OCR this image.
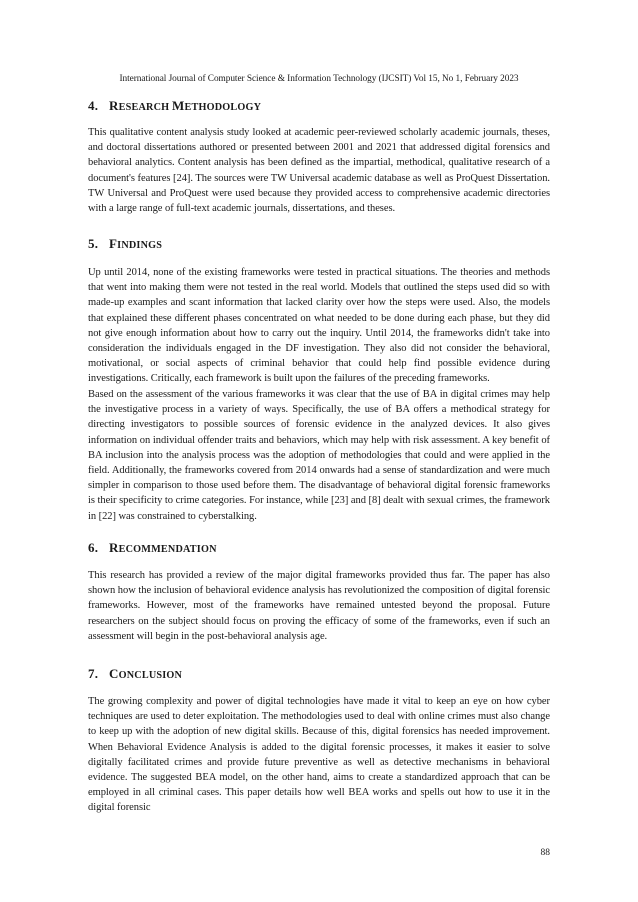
International Journal of Computer Science & Information Technology (IJCSIT) Vol 15, No 1, February 2023
4. RESEARCH METHODOLOGY

This qualitative content analysis study looked at academic peer-reviewed scholarly academic journals, theses, and doctoral dissertations authored or presented between 2001 and 2021 that addressed digital forensics and behavioral analytics. Content analysis has been defined as the impartial, methodical, qualitative research of a document's features [24]. The sources were TW Universal academic database as well as ProQuest Dissertation. TW Universal and ProQuest were used because they provided access to comprehensive academic directories with a large range of full-text academic journals, dissertations, and theses.

5. FINDINGS

Up until 2014, none of the existing frameworks were tested in practical situations. The theories and methods that went into making them were not tested in the real world. Models that outlined the steps used did so with made-up examples and scant information that lacked clarity over how the steps were used. Also, the models that explained these different phases concentrated on what needed to be done during each phase, but they did not give enough information about how to carry out the inquiry. Until 2014, the frameworks didn't take into consideration the individuals engaged in the DF investigation. They also did not consider the behavioral, motivational, or social aspects of criminal behavior that could help find possible evidence during investigations. Critically, each framework is built upon the failures of the preceding frameworks.

Based on the assessment of the various frameworks it was clear that the use of BA in digital crimes may help the investigative process in a variety of ways. Specifically, the use of BA offers a methodical strategy for directing investigators to possible sources of forensic evidence in the analyzed devices. It also gives information on individual offender traits and behaviors, which may help with risk assessment. A key benefit of BA inclusion into the analysis process was the adoption of methodologies that could and were applied in the field. Additionally, the frameworks covered from 2014 onwards had a sense of standardization and were much simpler in comparison to those used before them. The disadvantage of behavioral digital forensic frameworks is their specificity to crime categories. For instance, while [23] and [8] dealt with sexual crimes, the framework in [22] was constrained to cyberstalking.

6. RECOMMENDATION

This research has provided a review of the major digital frameworks provided thus far. The paper has also shown how the inclusion of behavioral evidence analysis has revolutionized the composition of digital forensic frameworks. However, most of the frameworks have remained untested beyond the proposal. Future researchers on the subject should focus on proving the efficacy of some of the frameworks, even if such an assessment will begin in the post-behavioral analysis age.

7. CONCLUSION

The growing complexity and power of digital technologies have made it vital to keep an eye on how cyber techniques are used to deter exploitation. The methodologies used to deal with online crimes must also change to keep up with the adoption of new digital skills. Because of this, digital forensics has needed improvement. When Behavioral Evidence Analysis is added to the digital forensic processes, it makes it easier to solve digitally facilitated crimes and provide future preventive as well as detective mechanisms in behavioral evidence. The suggested BEA model, on the other hand, aims to create a standardized approach that can be employed in all criminal cases. This paper details how well BEA works and spells out how to use it in the digital forensic

88
